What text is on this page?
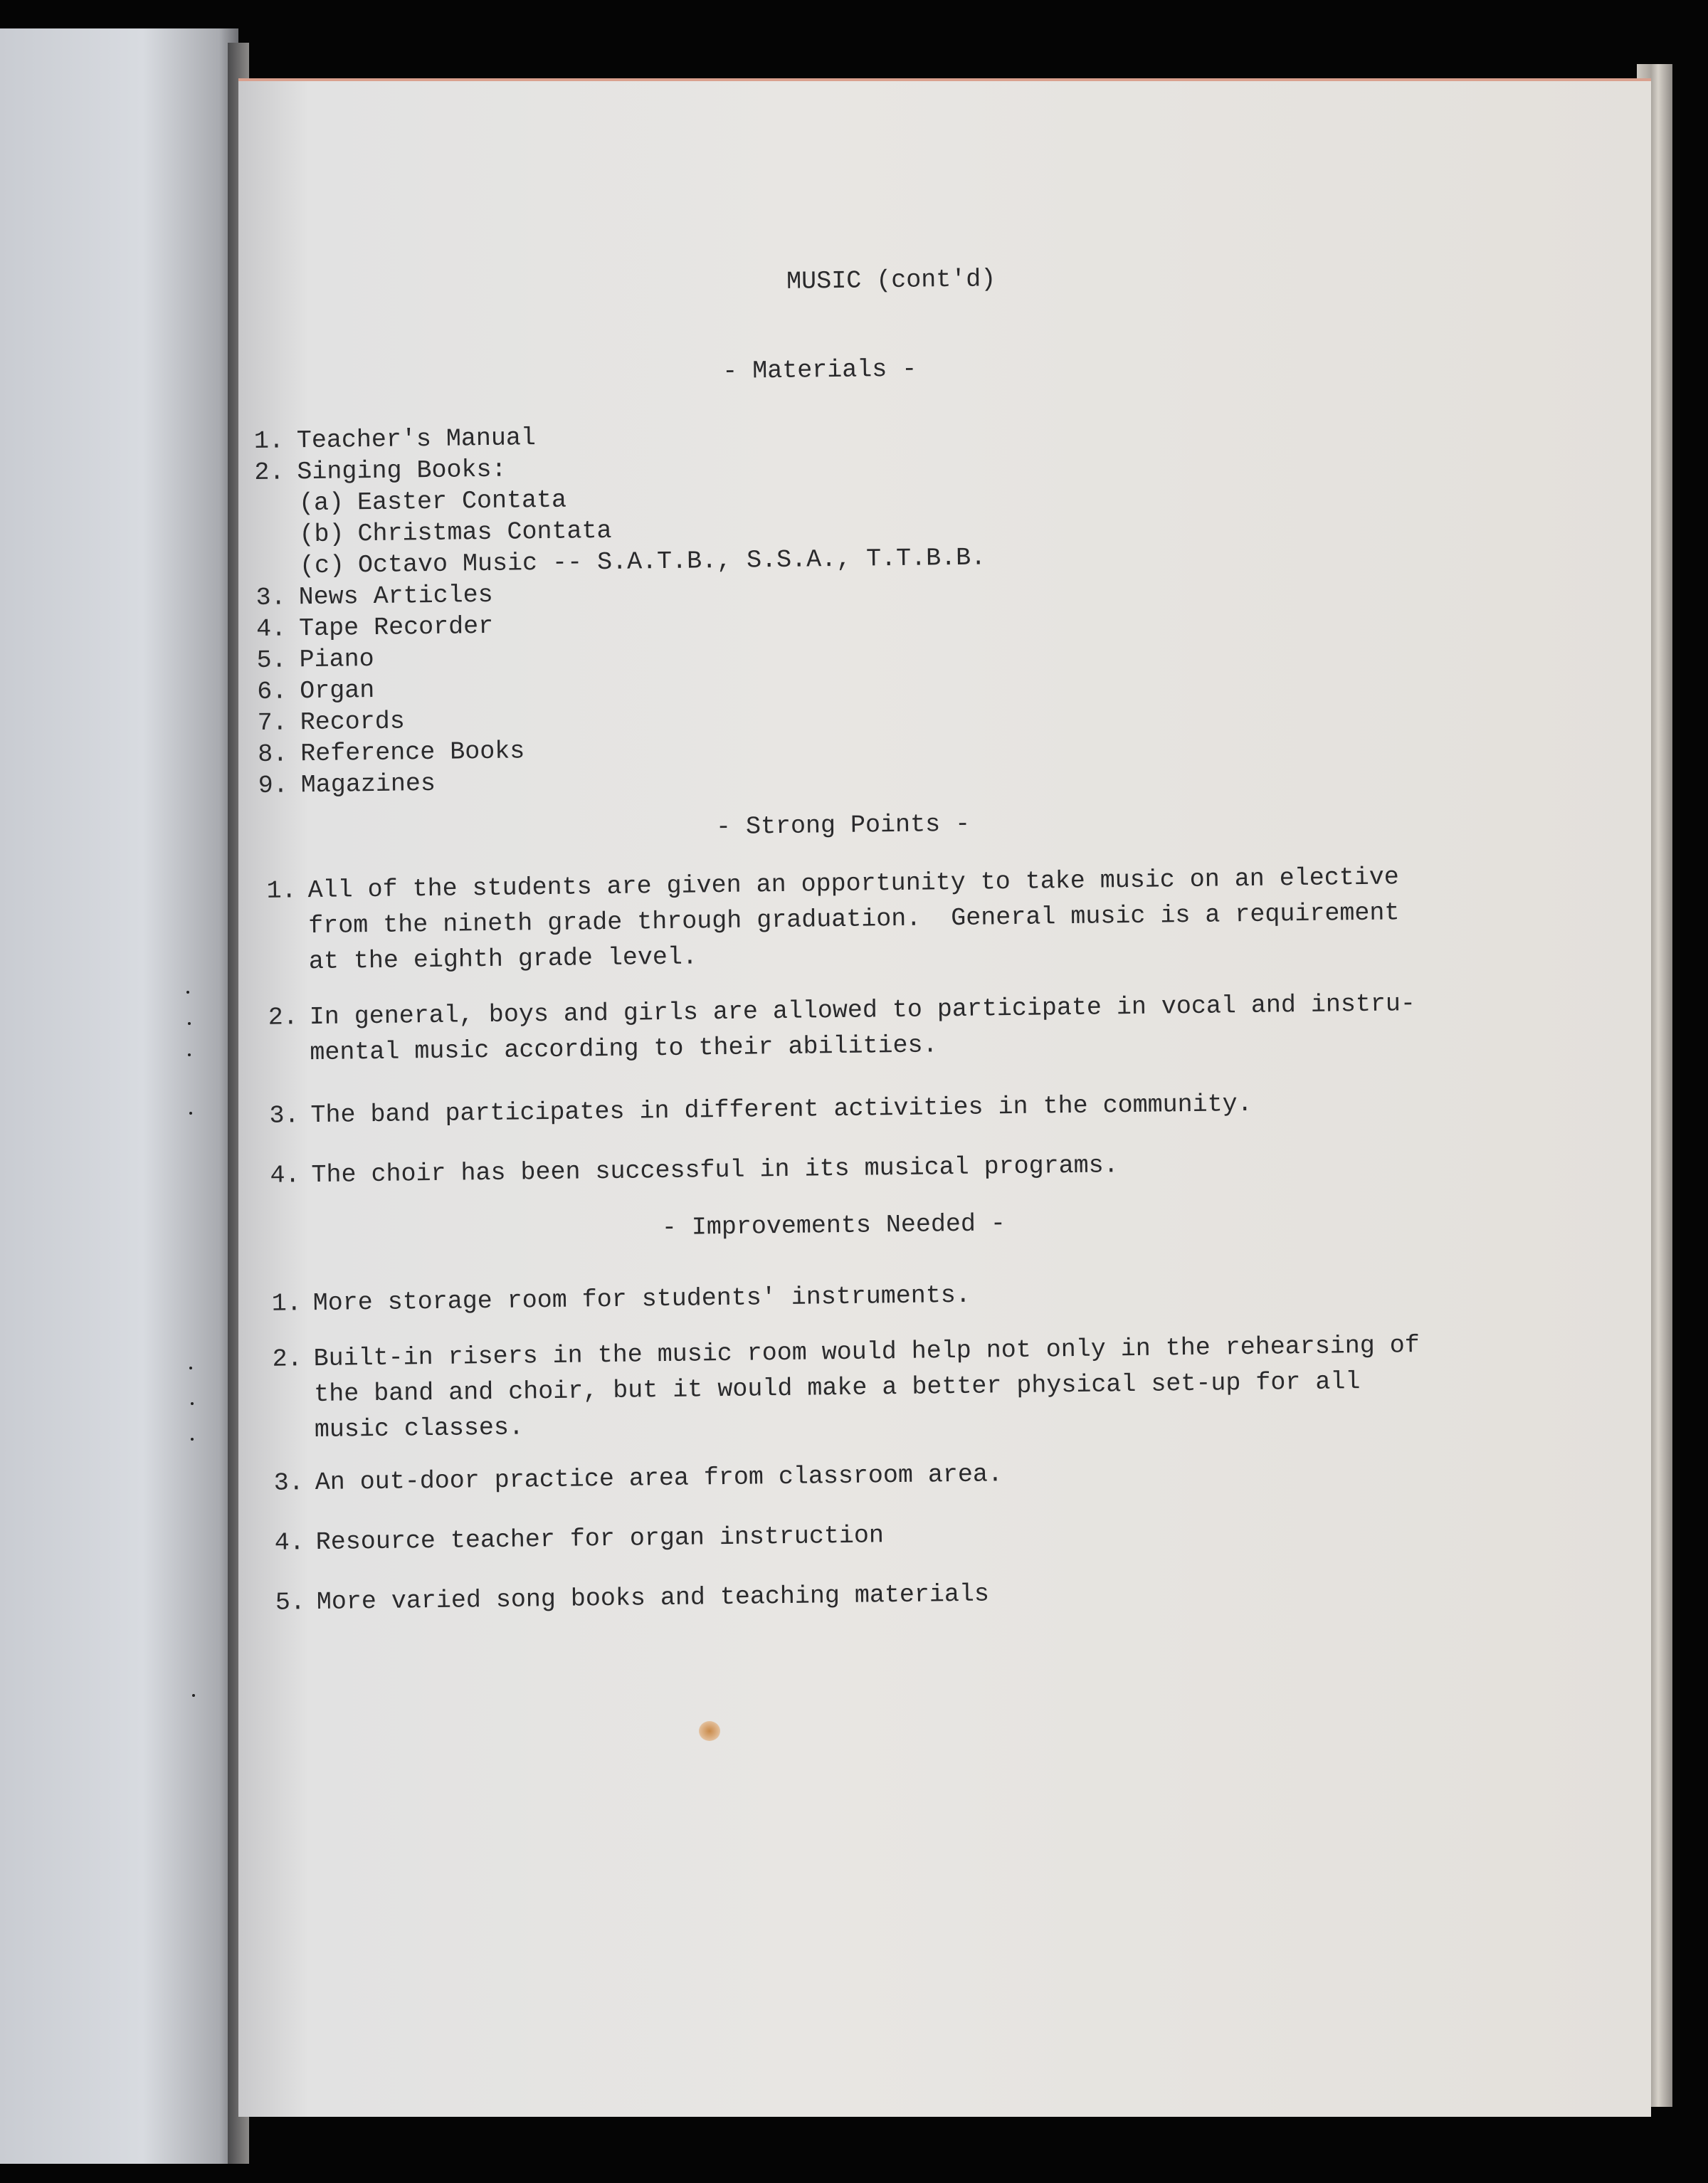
MUSIC (cont'd)
- Materials -
1. Teacher's Manual
2. Singing Books:
(a) Easter Contata
(b) Christmas Contata
(c) Octavo Music -- S.A.T.B., S.S.A., T.T.B.B.
3. News Articles
4. Tape Recorder
5. Piano
6. Organ
7. Records
8. Reference Books
9. Magazines
- Strong Points -
1. All of the students are given an opportunity to take music on an elective
from the nineth grade through graduation.  General music is a requirement
at the eighth grade level.
2. In general, boys and girls are allowed to participate in vocal and instru-
mental music according to their abilities.
3. The band participates in different activities in the community.
4. The choir has been successful in its musical programs.
- Improvements Needed -
1. More storage room for students' instruments.
2. Built-in risers in the music room would help not only in the rehearsing of
the band and choir, but it would make a better physical set-up for all
music classes.
3. An out-door practice area from classroom area.
4. Resource teacher for organ instruction
5. More varied song books and teaching materials
